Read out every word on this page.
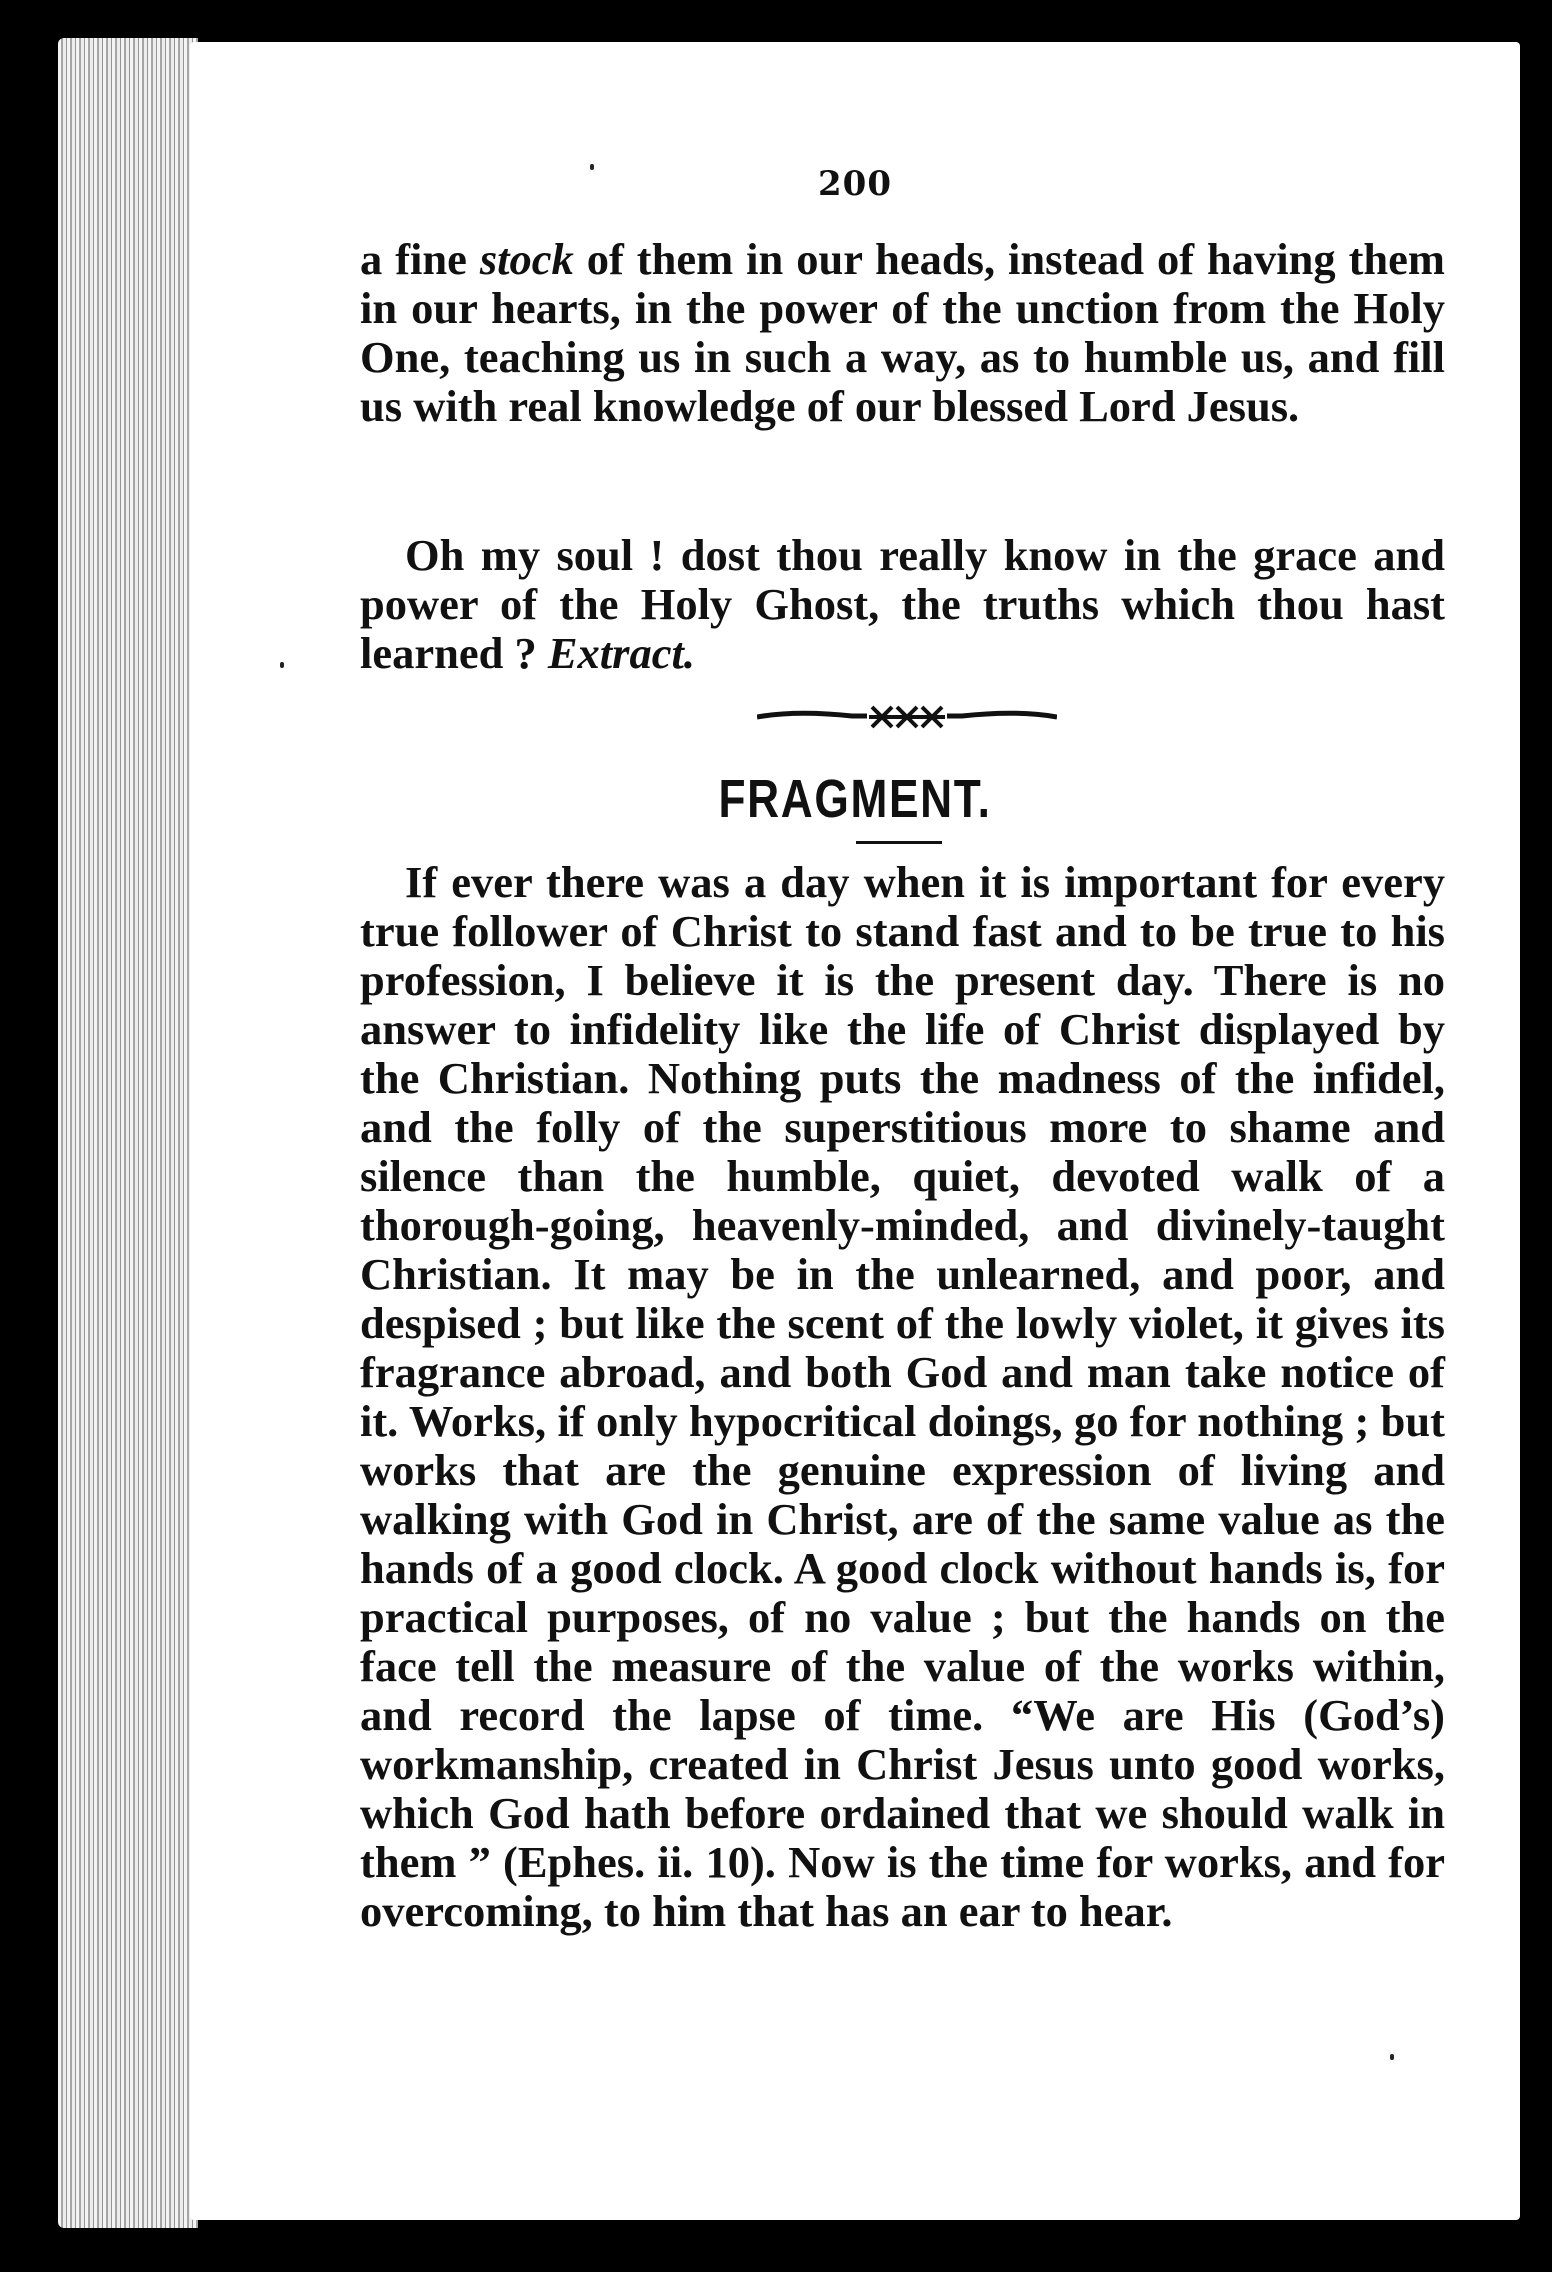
200
a fine stock of them in our heads, instead of having them in our hearts, in the power of the unction from the Holy One, teaching us in such a way, as to humble us, and fill us with real knowledge of our blessed Lord Jesus.
Oh my soul ! dost thou really know in the grace and power of the Holy Ghost, the truths which thou hast learned ? Extract.
FRAGMENT.
If ever there was a day when it is important for every true follower of Christ to stand fast and to be true to his profession, I believe it is the present day. There is no answer to infidelity like the life of Christ displayed by the Christian. Nothing puts the madness of the infidel, and the folly of the superstitious more to shame and silence than the humble, quiet, devoted walk of a thorough-going, heavenly-minded, and divinely-taught Christian. It may be in the unlearned, and poor, and despised ; but like the scent of the lowly violet, it gives its fragrance abroad, and both God and man take notice of it. Works, if only hypocritical doings, go for nothing ; but works that are the genuine expression of living and walking with God in Christ, are of the same value as the hands of a good clock. A good clock without hands is, for practical purposes, of no value ; but the hands on the face tell the measure of the value of the works within, and record the lapse of time. “We are His (God’s) workmanship, created in Christ Jesus unto good works, which God hath before ordained that we should walk in them ” (Ephes. ii. 10). Now is the time for works, and for overcoming, to him that has an ear to hear.
